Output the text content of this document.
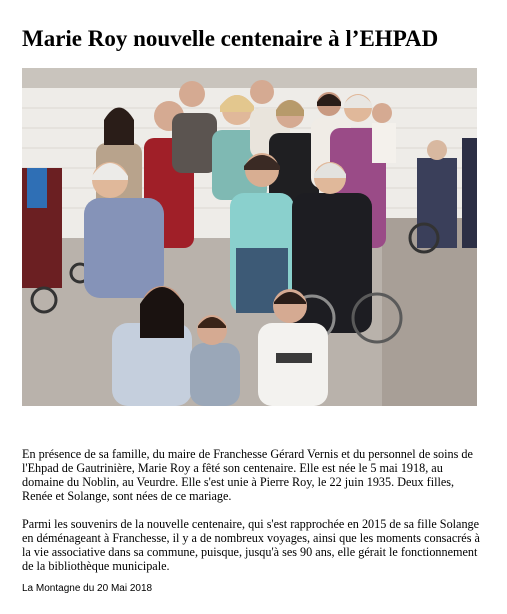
Marie Roy nouvelle centenaire à l’EHPAD
En présence de sa famille, du maire de Franchesse Gérard Vernis et du personnel de soins de l'Ehpad de Gautrinière, Marie Roy a fêté son centenaire. Elle est née le 5 mai 1918, au domaine du Noblin, au Veurdre. Elle s'est unie à Pierre Roy, le 22 juin 1935. Deux filles, Renée et Solange, sont nées de ce mariage.
Parmi les souvenirs de la nouvelle centenaire, qui s'est rapprochée en 2015 de sa fille Solange en déménageant à Franchesse, il y a de nombreux voyages, ainsi que les moments consacrés à la vie associative dans sa commune, puisque, jusqu'à ses 90 ans, elle gérait le fonctionnement de la bibliothèque municipale.
La Montagne du 20 Mai 2018
